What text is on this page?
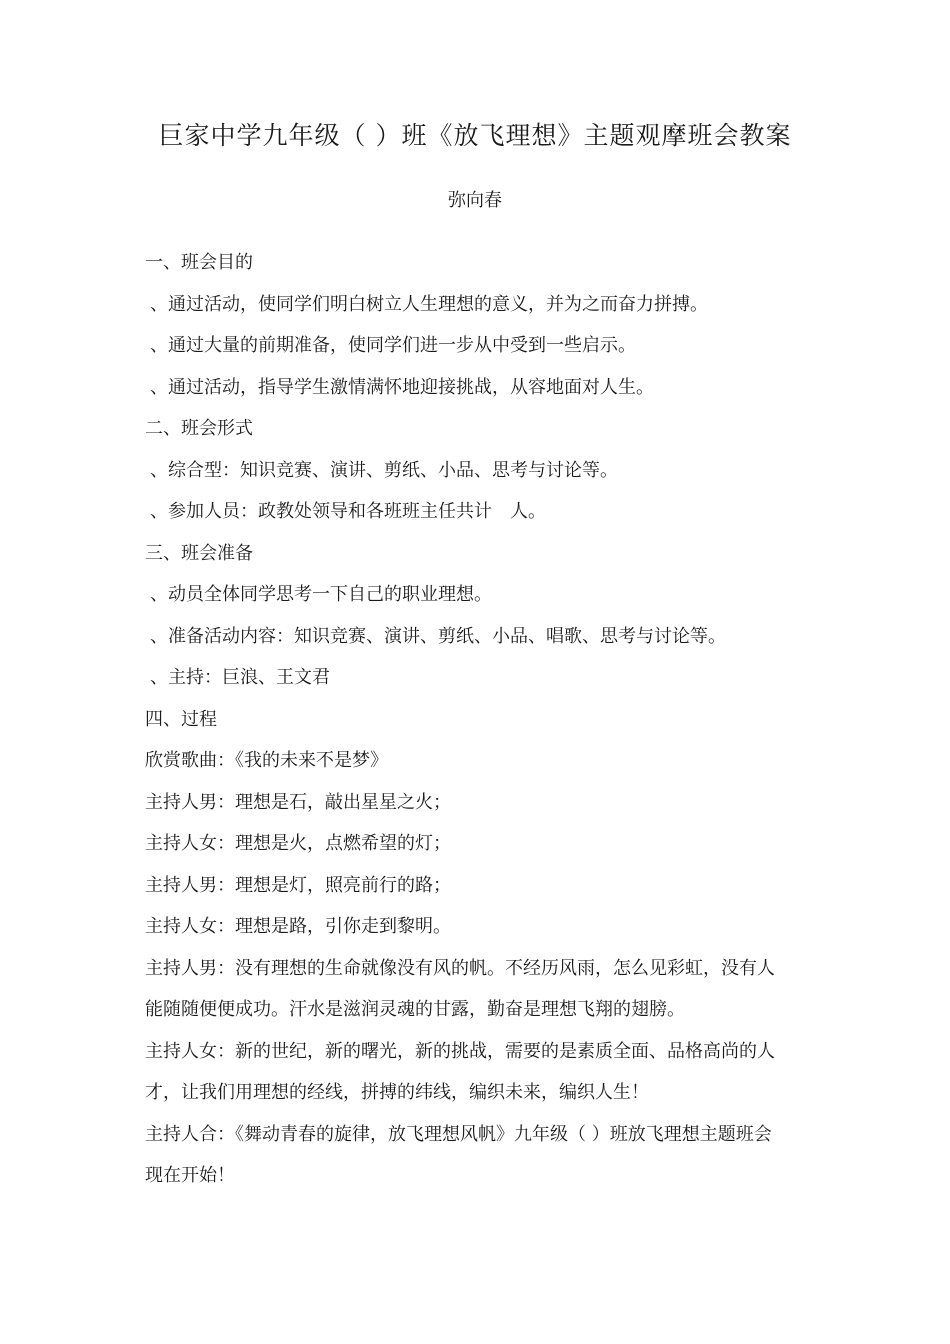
巨家中学九年级（ ）班《放飞理想》主题观摩班会教案
弥向春
一、班会目的
、通过活动，使同学们明白树立人生理想的意义，并为之而奋力拼搏。
、通过大量的前期准备，使同学们进一步从中受到一些启示。
、通过活动，指导学生激情满怀地迎接挑战，从容地面对人生。
二、班会形式
、综合型：知识竞赛、演讲、剪纸、小品、思考与讨论等。
、参加人员：政教处领导和各班班主任共计　人。
三、班会准备
、动员全体同学思考一下自己的职业理想。
、准备活动内容：知识竞赛、演讲、剪纸、小品、唱歌、思考与讨论等。
、主持：巨浪、王文君
四、过程
欣赏歌曲：《我的未来不是梦》
主持人男：理想是石，敲出星星之火；
主持人女：理想是火，点燃希望的灯；
主持人男：理想是灯，照亮前行的路；
主持人女：理想是路，引你走到黎明。
主持人男：没有理想的生命就像没有风的帆。不经历风雨，怎么见彩虹，没有人
能随随便便成功。汗水是滋润灵魂的甘露，勤奋是理想飞翔的翅膀。
主持人女：新的世纪，新的曙光，新的挑战，需要的是素质全面、品格高尚的人
才，让我们用理想的经线，拼搏的纬线，编织未来，编织人生！
主持人合：《舞动青春的旋律，放飞理想风帆》九年级（ ）班放飞理想主题班会
现在开始！
